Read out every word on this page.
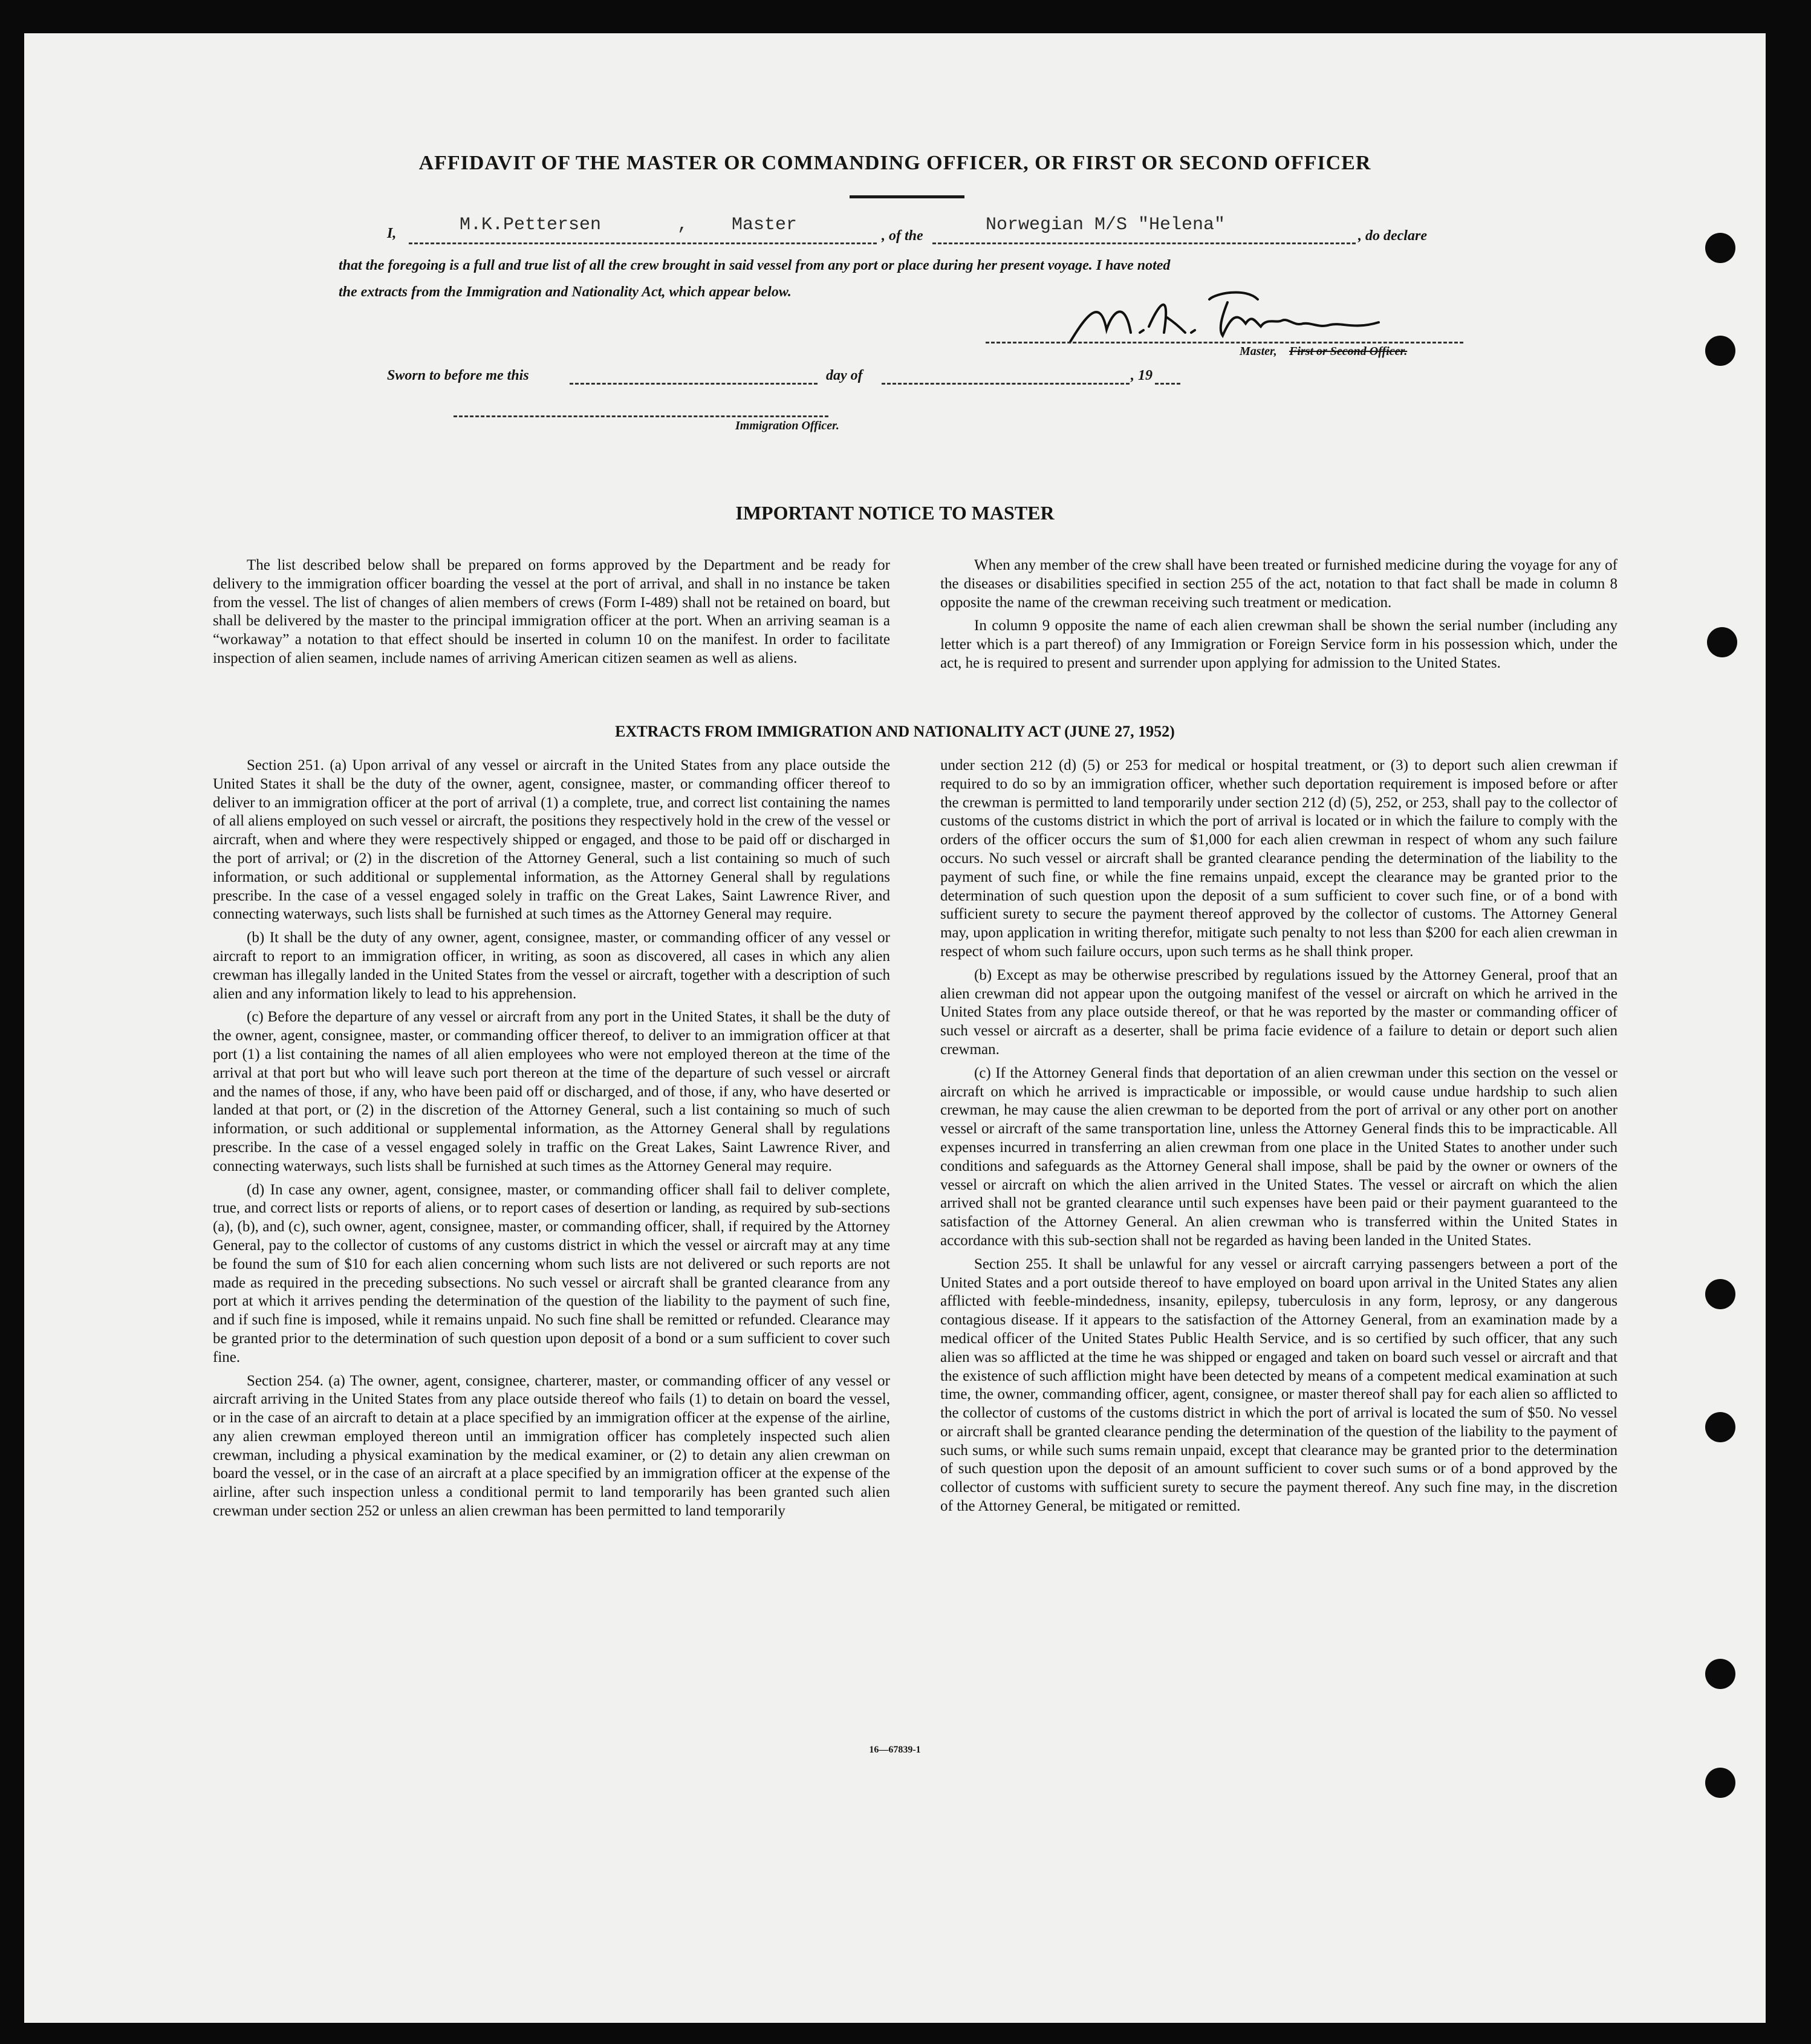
AFFIDAVIT OF THE MASTER OR COMMANDING OFFICER, OR FIRST OR SECOND OFFICER
I,	M.K.Pettersen	, Master
, of the
Norwegian M/S "Helena"
, do declare
that the foregoing is a full and true list of all the crew brought in said vessel from any port or place during her present voyage. I have noted
the extracts from the Immigration and Nationality Act, which appear below.
Master, First or Second Officer.
Sworn to before me this	day of	, 19
Immigration Officer.
IMPORTANT NOTICE TO MASTER

The list described below shall be prepared on forms approved by the Department and be ready for delivery to the immigration officer boarding the vessel at the port of arrival, and shall in no instance be taken from the vessel. The list of changes of alien members of crews (Form I-489) shall not be retained on board, but shall be delivered by the master to the principal immigration officer at the port. When an arriving seaman is a “workaway” a notation to that effect should be inserted in column 10 on the manifest. In order to facilitate inspection of alien seamen, include names of arriving American citizen seamen as well as aliens.

When any member of the crew shall have been treated or furnished medicine during the voyage for any of the diseases or disabilities specified in section 255 of the act, notation to that fact shall be made in column 8 opposite the name of the crewman receiving such treatment or medication.

In column 9 opposite the name of each alien crewman shall be shown the serial number (including any letter which is a part thereof) of any Immigration or Foreign Service form in his possession which, under the act, he is required to present and surrender upon applying for admission to the United States.

EXTRACTS FROM IMMIGRATION AND NATIONALITY ACT (JUNE 27, 1952)

Section 251. (a) Upon arrival of any vessel or aircraft in the United States from any place outside the United States it shall be the duty of the owner, agent, consignee, master, or commanding officer thereof to deliver to an immigration officer at the port of arrival (1) a complete, true, and correct list containing the names of all aliens employed on such vessel or aircraft, the positions they respectively hold in the crew of the vessel or aircraft, when and where they were respectively shipped or engaged, and those to be paid off or discharged in the port of arrival; or (2) in the discretion of the Attorney General, such a list containing so much of such information, or such additional or supplemental information, as the Attorney General shall by regulations prescribe. In the case of a vessel engaged solely in traffic on the Great Lakes, Saint Lawrence River, and connecting waterways, such lists shall be furnished at such times as the Attorney General may require.

(b) It shall be the duty of any owner, agent, consignee, master, or commanding officer of any vessel or aircraft to report to an immigration officer, in writing, as soon as discovered, all cases in which any alien crewman has illegally landed in the United States from the vessel or aircraft, together with a description of such alien and any information likely to lead to his apprehension.

(c) Before the departure of any vessel or aircraft from any port in the United States, it shall be the duty of the owner, agent, consignee, master, or commanding officer thereof, to deliver to an immigration officer at that port (1) a list containing the names of all alien employees who were not employed thereon at the time of the arrival at that port but who will leave such port thereon at the time of the departure of such vessel or aircraft and the names of those, if any, who have been paid off or discharged, and of those, if any, who have deserted or landed at that port, or (2) in the discretion of the Attorney General, such a list containing so much of such information, or such additional or supplemental information, as the Attorney General shall by regulations prescribe. In the case of a vessel engaged solely in traffic on the Great Lakes, Saint Lawrence River, and connecting waterways, such lists shall be furnished at such times as the Attorney General may require.

(d) In case any owner, agent, consignee, master, or commanding officer shall fail to deliver complete, true, and correct lists or reports of aliens, or to report cases of desertion or landing, as required by sub-sections (a), (b), and (c), such owner, agent, consignee, master, or commanding officer, shall, if required by the Attorney General, pay to the collector of customs of any customs district in which the vessel or aircraft may at any time be found the sum of $10 for each alien concerning whom such lists are not delivered or such reports are not made as required in the preceding subsections. No such vessel or aircraft shall be granted clearance from any port at which it arrives pending the determination of the question of the liability to the payment of such fine, and if such fine is imposed, while it remains unpaid. No such fine shall be remitted or refunded. Clearance may be granted prior to the determination of such question upon deposit of a bond or a sum sufficient to cover such fine.

Section 254. (a) The owner, agent, consignee, charterer, master, or commanding officer of any vessel or aircraft arriving in the United States from any place outside thereof who fails (1) to detain on board the vessel, or in the case of an aircraft to detain at a place specified by an immigration officer at the expense of the airline, any alien crewman employed thereon until an immigration officer has completely inspected such alien crewman, including a physical examination by the medical examiner, or (2) to detain any alien crewman on board the vessel, or in the case of an aircraft at a place specified by an immigration officer at the expense of the airline, after such inspection unless a conditional permit to land temporarily has been granted such alien crewman under section 252 or unless an alien crewman has been permitted to land temporarily

under section 212 (d) (5) or 253 for medical or hospital treatment, or (3) to deport such alien crewman if required to do so by an immigration officer, whether such deportation requirement is imposed before or after the crewman is permitted to land temporarily under section 212 (d) (5), 252, or 253, shall pay to the collector of customs of the customs district in which the port of arrival is located or in which the failure to comply with the orders of the officer occurs the sum of $1,000 for each alien crewman in respect of whom any such failure occurs. No such vessel or aircraft shall be granted clearance pending the determination of the liability to the payment of such fine, or while the fine remains unpaid, except the clearance may be granted prior to the determination of such question upon the deposit of a sum sufficient to cover such fine, or of a bond with sufficient surety to secure the payment thereof approved by the collector of customs. The Attorney General may, upon application in writing therefor, mitigate such penalty to not less than $200 for each alien crewman in respect of whom such failure occurs, upon such terms as he shall think proper.

(b) Except as may be otherwise prescribed by regulations issued by the Attorney General, proof that an alien crewman did not appear upon the outgoing manifest of the vessel or aircraft on which he arrived in the United States from any place outside thereof, or that he was reported by the master or commanding officer of such vessel or aircraft as a deserter, shall be prima facie evidence of a failure to detain or deport such alien crewman.

(c) If the Attorney General finds that deportation of an alien crewman under this section on the vessel or aircraft on which he arrived is impracticable or impossible, or would cause undue hardship to such alien crewman, he may cause the alien crewman to be deported from the port of arrival or any other port on another vessel or aircraft of the same transportation line, unless the Attorney General finds this to be impracticable. All expenses incurred in transferring an alien crewman from one place in the United States to another under such conditions and safeguards as the Attorney General shall impose, shall be paid by the owner or owners of the vessel or aircraft on which the alien arrived in the United States. The vessel or aircraft on which the alien arrived shall not be granted clearance until such expenses have been paid or their payment guaranteed to the satisfaction of the Attorney General. An alien crewman who is transferred within the United States in accordance with this sub-section shall not be regarded as having been landed in the United States.

Section 255. It shall be unlawful for any vessel or aircraft carrying passengers between a port of the United States and a port outside thereof to have employed on board upon arrival in the United States any alien afflicted with feeble-mindedness, insanity, epilepsy, tuberculosis in any form, leprosy, or any dangerous contagious disease. If it appears to the satisfaction of the Attorney General, from an examination made by a medical officer of the United States Public Health Service, and is so certified by such officer, that any such alien was so afflicted at the time he was shipped or engaged and taken on board such vessel or aircraft and that the existence of such affliction might have been detected by means of a competent medical examination at such time, the owner, commanding officer, agent, consignee, or master thereof shall pay for each alien so afflicted to the collector of customs of the customs district in which the port of arrival is located the sum of $50. No vessel or aircraft shall be granted clearance pending the determination of the question of the liability to the payment of such sums, or while such sums remain unpaid, except that clearance may be granted prior to the determination of such question upon the deposit of an amount sufficient to cover such sums or of a bond approved by the collector of customs with sufficient surety to secure the payment thereof. Any such fine may, in the discretion of the Attorney General, be mitigated or remitted.

16—67839-1
